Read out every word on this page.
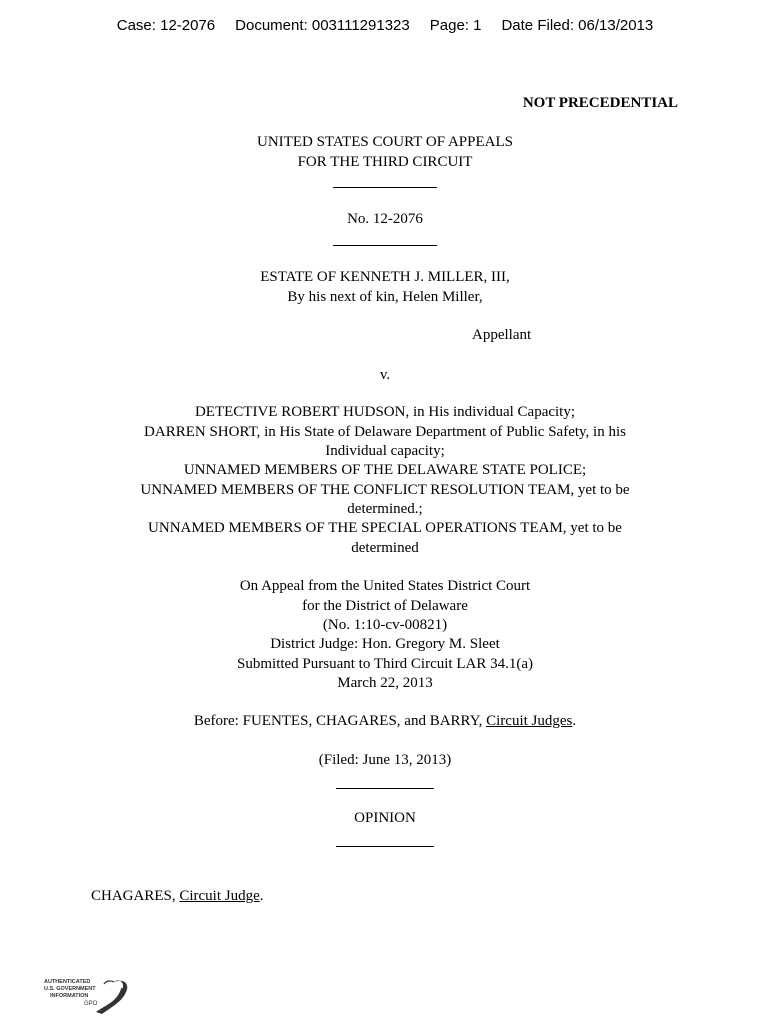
Case: 12-2076 Document: 003111291323 Page: 1 Date Filed: 06/13/2013
NOT PRECEDENTIAL
UNITED STATES COURT OF APPEALS
FOR THE THIRD CIRCUIT
No. 12-2076
ESTATE OF KENNETH J. MILLER, III,
By his next of kin, Helen Miller,
Appellant
v.
DETECTIVE ROBERT HUDSON, in His individual Capacity;
DARREN SHORT, in His State of Delaware Department of Public Safety, in his
Individual capacity;
UNNAMED MEMBERS OF THE DELAWARE STATE POLICE;
UNNAMED MEMBERS OF THE CONFLICT RESOLUTION TEAM, yet to be
determined.;
UNNAMED MEMBERS OF THE SPECIAL OPERATIONS TEAM, yet to be
determined
On Appeal from the United States District Court
for the District of Delaware
(No. 1:10-cv-00821)
District Judge: Hon. Gregory M. Sleet
Submitted Pursuant to Third Circuit LAR 34.1(a)
March 22, 2013
Before: FUENTES, CHAGARES, and BARRY, Circuit Judges.
(Filed: June 13, 2013)
OPINION
CHAGARES, Circuit Judge.
AUTHENTICATED
U.S. GOVERNMENT
INFORMATION
GPO
